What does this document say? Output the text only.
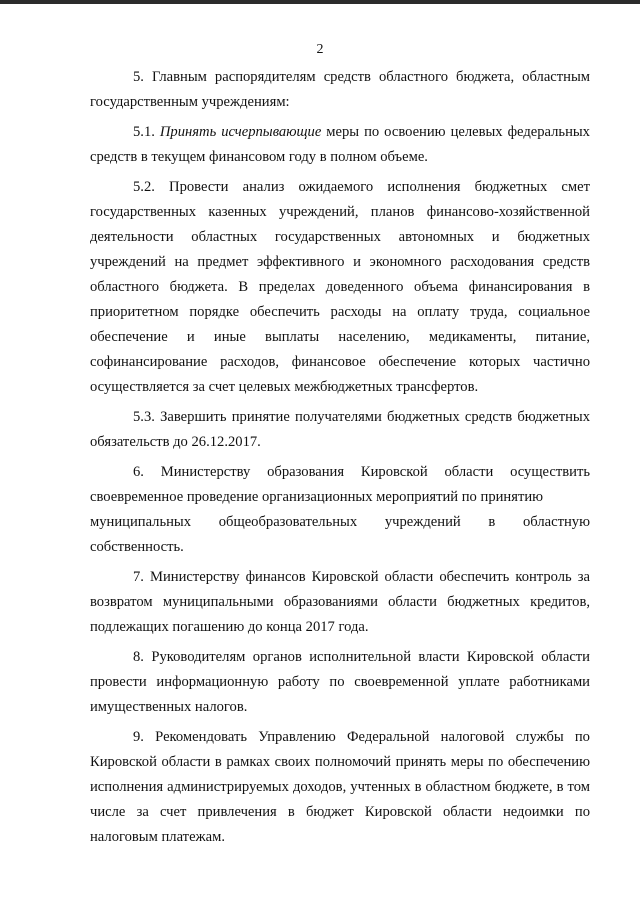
2

5. Главным распорядителям средств областного бюджета, областным государственным учреждениям:

5.1. Принять исчерпывающие меры по освоению целевых федеральных средств в текущем финансовом году в полном объеме.

5.2. Провести анализ ожидаемого исполнения бюджетных смет государственных казенных учреждений, планов финансово-хозяйственной деятельности областных государственных автономных и бюджетных учреждений на предмет эффективного и экономного расходования средств областного бюджета. В пределах доведенного объема финансирования в приоритетном порядке обеспечить расходы на оплату труда, социальное обеспечение и иные выплаты населению, медикаменты, питание, софинансирование расходов, финансовое обеспечение которых частично осуществляется за счет целевых межбюджетных трансфертов.

5.3. Завершить принятие получателями бюджетных средств бюджетных обязательств до 26.12.2017.

6. Министерству образования Кировской области осуществить своевременное проведение организационных мероприятий по принятию

муниципальных общеобразовательных учреждений в областную

собственность.

7. Министерству финансов Кировской области обеспечить контроль за возвратом муниципальными образованиями области бюджетных кредитов, подлежащих погашению до конца 2017 года.

8. Руководителям органов исполнительной власти Кировской области провести информационную работу по своевременной уплате работниками имущественных налогов.

9. Рекомендовать Управлению Федеральной налоговой службы по Кировской области в рамках своих полномочий принять меры по обеспечению исполнения администрируемых доходов, учтенных в областном бюджете, в том числе за счет привлечения в бюджет Кировской области недоимки по налоговым платежам.
